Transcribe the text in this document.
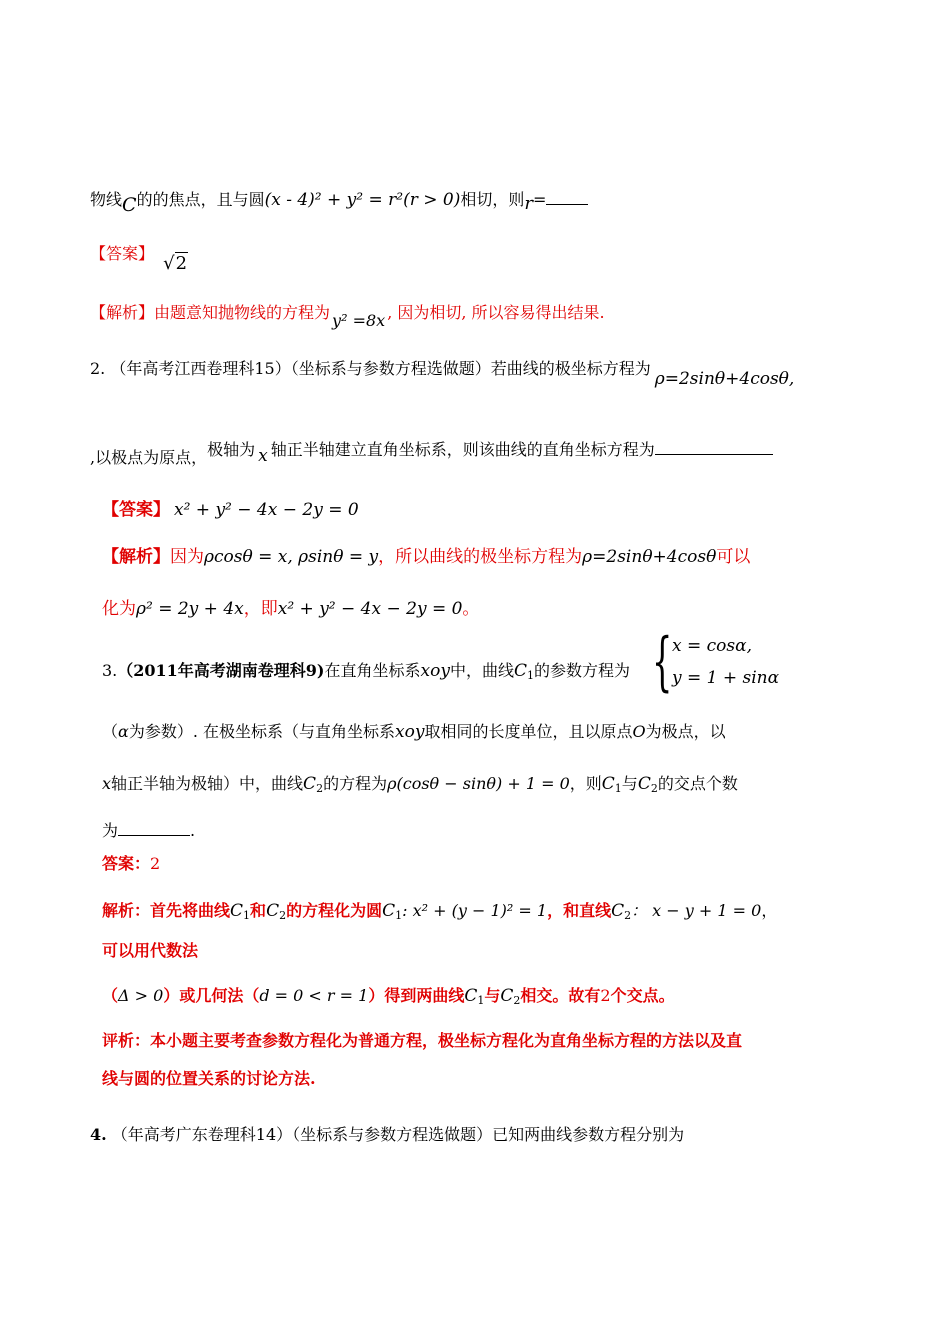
物线C的的焦点，且与圆(x - 4)² + y² = r²(r > 0)相切，则r=
【答案】 √2
【解析】由题意知抛物线的方程为 y² =8x , 因为相切, 所以容易得出结果.
2. （年高考江西卷理科15）（坐标系与参数方程选做题）若曲线的极坐标方程为ρ=2sinθ+4cosθ,
,以极点为原点，极轴为 x 轴正半轴建立直角坐标系，则该曲线的直角坐标方程为
【答案】 x² + y² − 4x − 2y = 0
【解析】因为ρcosθ = x, ρsinθ = y，所以曲线的极坐标方程为ρ=2sinθ+4cosθ可以
化为ρ² = 2y + 4x，即x² + y² − 4x − 2y = 0。
3.（2011年高考湖南卷理科9)在直角坐标系xoy中，曲线$C_1$的参数方程为 { x = cosα,
y = 1 + sinα
（α为参数）. 在极坐标系（与直角坐标系xoy取相同的长度单位，且以原点O为极点，以
x轴正半轴为极轴）中，曲线$C_2$的方程为ρ(cosθ − sinθ) + 1 = 0，则$C_1$与$C_2$的交点个数
为	.
答案：2
解析：首先将曲线$C_1$和$C_2$的方程化为圆$C_1$: x² + (y − 1)² = 1，和直线$C_2$： x − y + 1 = 0，
可以用代数法
（Δ > 0）或几何法（d = 0 < r = 1）得到两曲线$C_1$与$C_2$相交。故有2个交点。
评析：本小题主要考查参数方程化为普通方程，极坐标方程化为直角坐标方程的方法以及直
线与圆的位置关系的讨论方法.
4. （年高考广东卷理科14）（坐标系与参数方程选做题）已知两曲线参数方程分别为
